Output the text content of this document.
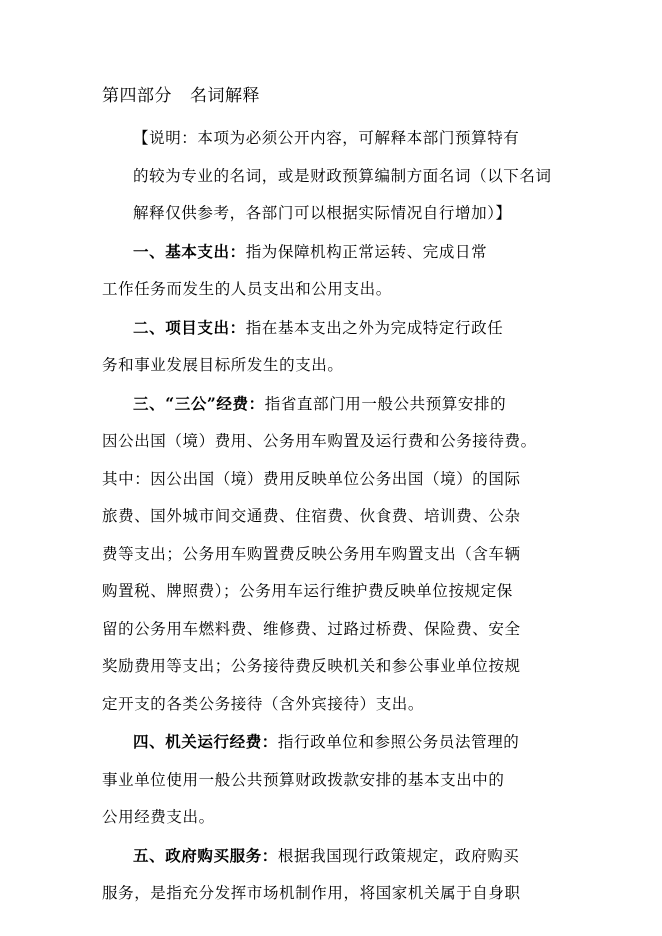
第四部分 名词解释

【说明：本项为必须公开内容，可解释本部门预算特有
的较为专业的名词，或是财政预算编制方面名词（以下名词
解释仅供参考，各部门可以根据实际情况自行增加）】

一、基本支出：指为保障机构正常运转、完成日常
工作任务而发生的人员支出和公用支出。

二、项目支出：指在基本支出之外为完成特定行政任
务和事业发展目标所发生的支出。

三、“三公”经费：指省直部门用一般公共预算安排的
因公出国（境）费用、公务用车购置及运行费和公务接待费。
其中：因公出国（境）费用反映单位公务出国（境）的国际
旅费、国外城市间交通费、住宿费、伙食费、培训费、公杂
费等支出；公务用车购置费反映公务用车购置支出（含车辆
购置税、牌照费）；公务用车运行维护费反映单位按规定保
留的公务用车燃料费、维修费、过路过桥费、保险费、安全
奖励费用等支出；公务接待费反映机关和参公事业单位按规
定开支的各类公务接待（含外宾接待）支出。

四、机关运行经费：指行政单位和参照公务员法管理的
事业单位使用一般公共预算财政拨款安排的基本支出中的
公用经费支出。

五、政府购买服务：根据我国现行政策规定，政府购买
服务，是指充分发挥市场机制作用，将国家机关属于自身职
